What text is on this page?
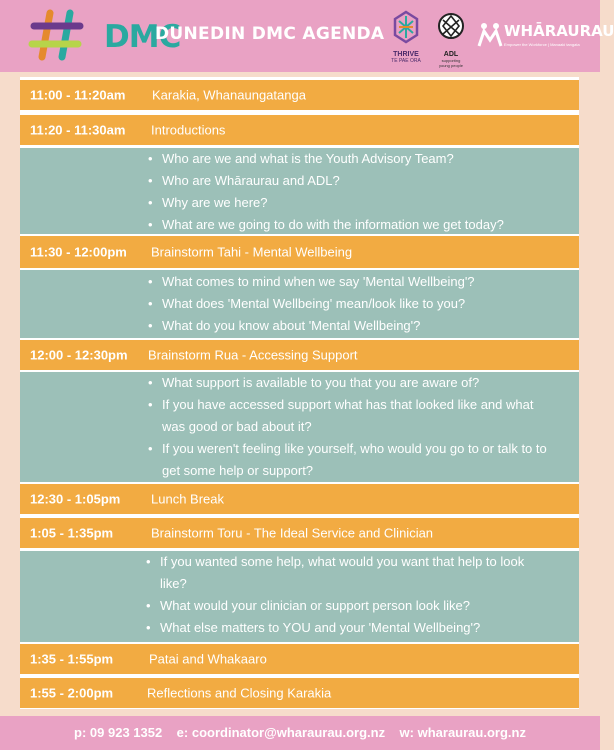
DMC
DUNEDIN DMC AGENDA
THRIVE
TE PAE ORA
ADL
supporting young people
WHĀRAURAU
Empower the Workforce | Manaaki tangata
11:00 - 11:20am Karakia, Whanaungatanga
11:20 - 11:30am Introductions
• Who are we and what is the Youth Advisory Team?
• Who are Whāraurau and ADL?
• Why are we here?
• What are we going to do with the information we get today?
11:30 - 12:00pm Brainstorm Tahi - Mental Wellbeing
• What comes to mind when we say 'Mental Wellbeing'?
• What does 'Mental Wellbeing' mean/look like to you?
• What do you know about 'Mental Wellbeing'?
12:00 - 12:30pm Brainstorm Rua - Accessing Support
• What support is available to you that you are aware of?
• If you have accessed support what has that looked like and what was good or bad about it?
• If you weren't feeling like yourself, who would you go to or talk to to get some help or support?
12:30 - 1:05pm Lunch Break
1:05 - 1:35pm	Brainstorm Toru - The Ideal Service and Clinician
• If you wanted some help, what would you want that help to look like?
• What would your clinician or support person look like?
• What else matters to YOU and your 'Mental Wellbeing'?
1:35 - 1:55pm	Patai and Whakaaro
1:55 - 2:00pm	Reflections and Closing Karakia
p: 09 923 1352 e: coordinator@wharaurau.org.nz w: wharaurau.org.nz
